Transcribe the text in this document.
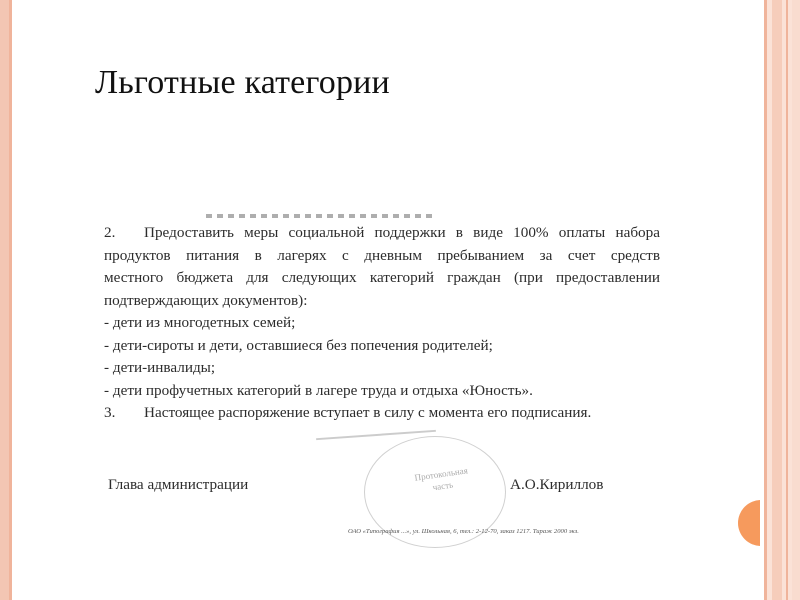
Льготные категории
2. Предоставить меры социальной поддержки в виде 100% оплаты набора
продуктов питания в лагерях с дневным пребыванием за счет средств
местного бюджета для следующих категорий граждан (при предоставлении
подтверждающих документов):
- дети из многодетных семей;
- дети-сироты и дети, оставшиеся без попечения родителей;
- дети-инвалиды;
- дети профучетных категорий в лагере труда и отдыха «Юность».
3. Настоящее распоряжение вступает в силу с момента его подписания.
Протокольная часть
Глава администрации	А.О.Кириллов
ОАО «Типография ...», ул. Школьная, 6, тел.: 2-12-70, заказ 1217. Тираж 2000 экз.
